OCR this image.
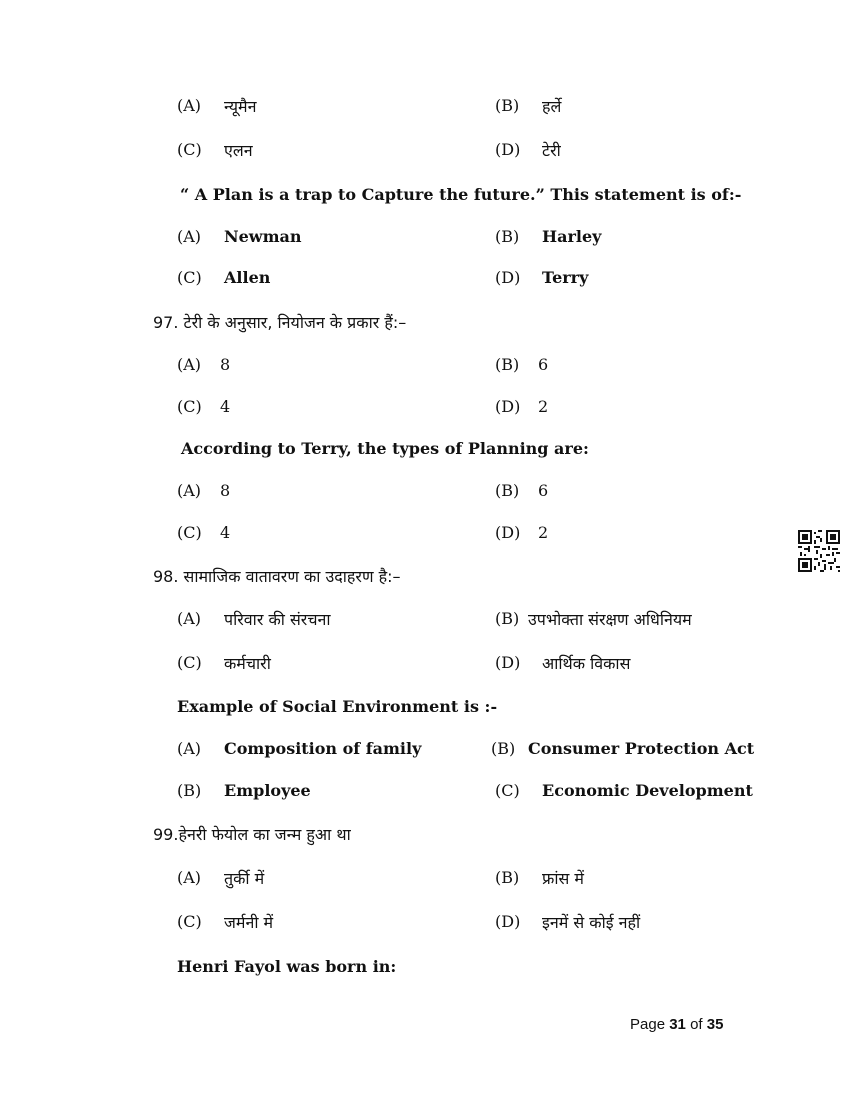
(A) न्यूमैन	(B) हर्ले
(C) एलन	(D) टेरी
“ A Plan is a trap to Capture the future.” This statement is of:-
(A) Newman	(B) Harley
(C) Allen	(D) Terry
97. टेरी के अनुसार, नियोजन के प्रकार हैं:–
(A) 8	(B) 6
(C) 4	(D) 2
According to Terry, the types of Planning are:
(A) 8	(B) 6
(C) 4	(D) 2
98. सामाजिक वातावरण का उदाहरण है:–
(A) परिवार की संरचना	(B) उपभोक्ता संरक्षण अधिनियम
(C) कर्मचारी	(D) आर्थिक विकास
Example of Social Environment is :-
(A) Composition of family	(B) Consumer Protection Act
(B) Employee	(C) Economic Development
99.हेनरी फेयोल का जन्म हुआ था
(A) तुर्की में	(B) फ्रांस में
(C) जर्मनी में	(D) इनमें से कोई नहीं
Henri Fayol was born in:
Page 31 of 35
